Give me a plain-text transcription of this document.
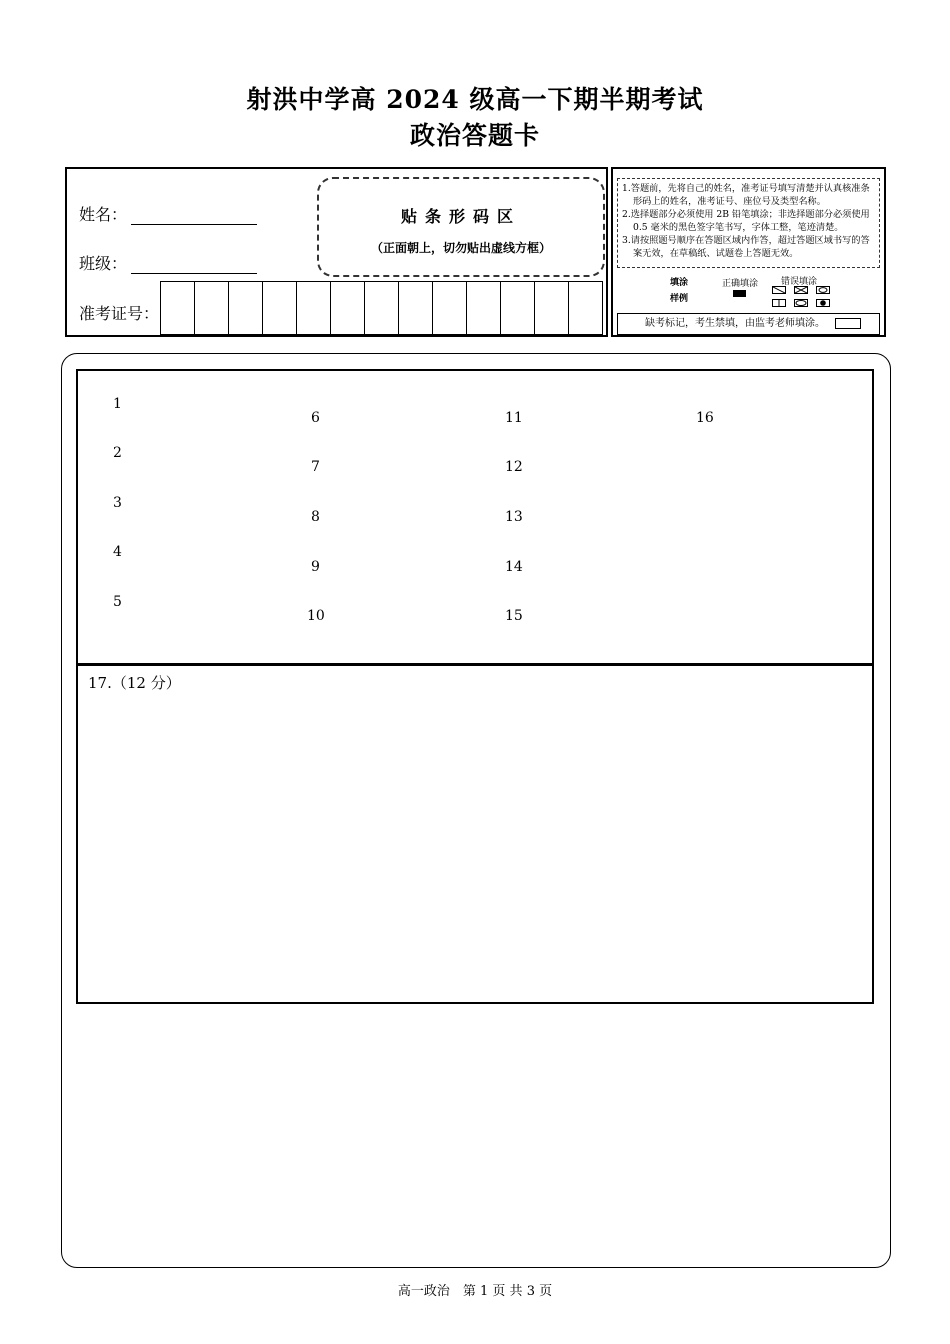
射洪中学高 2024 级高一下期半期考试
政治答题卡
姓名：
班级：
准考证号：
贴条形码区
（正面朝上，切勿贴出虚线方框）
1.答题前，先将自己的姓名，准考证号填写清楚并认真核准条形码上的姓名，准考证号、座位号及类型名称。
2.选择题部分必须使用 2B 铅笔填涂；非选择题部分必须使用 0.5 毫米的黑色签字笔书写，字体工整，笔迹清楚。
3.请按照题号顺序在答题区域内作答，超过答题区域书写的答案无效，在草稿纸、试题卷上答题无效。
填涂
样例
正确填涂	错误填涂
缺考标记，考生禁填，由监考老师填涂。
1
2
3
4
5
6
7
8
9
10
11
12
13
14
15
16
17.（12 分）
高一政治　第 1 页 共 3 页
